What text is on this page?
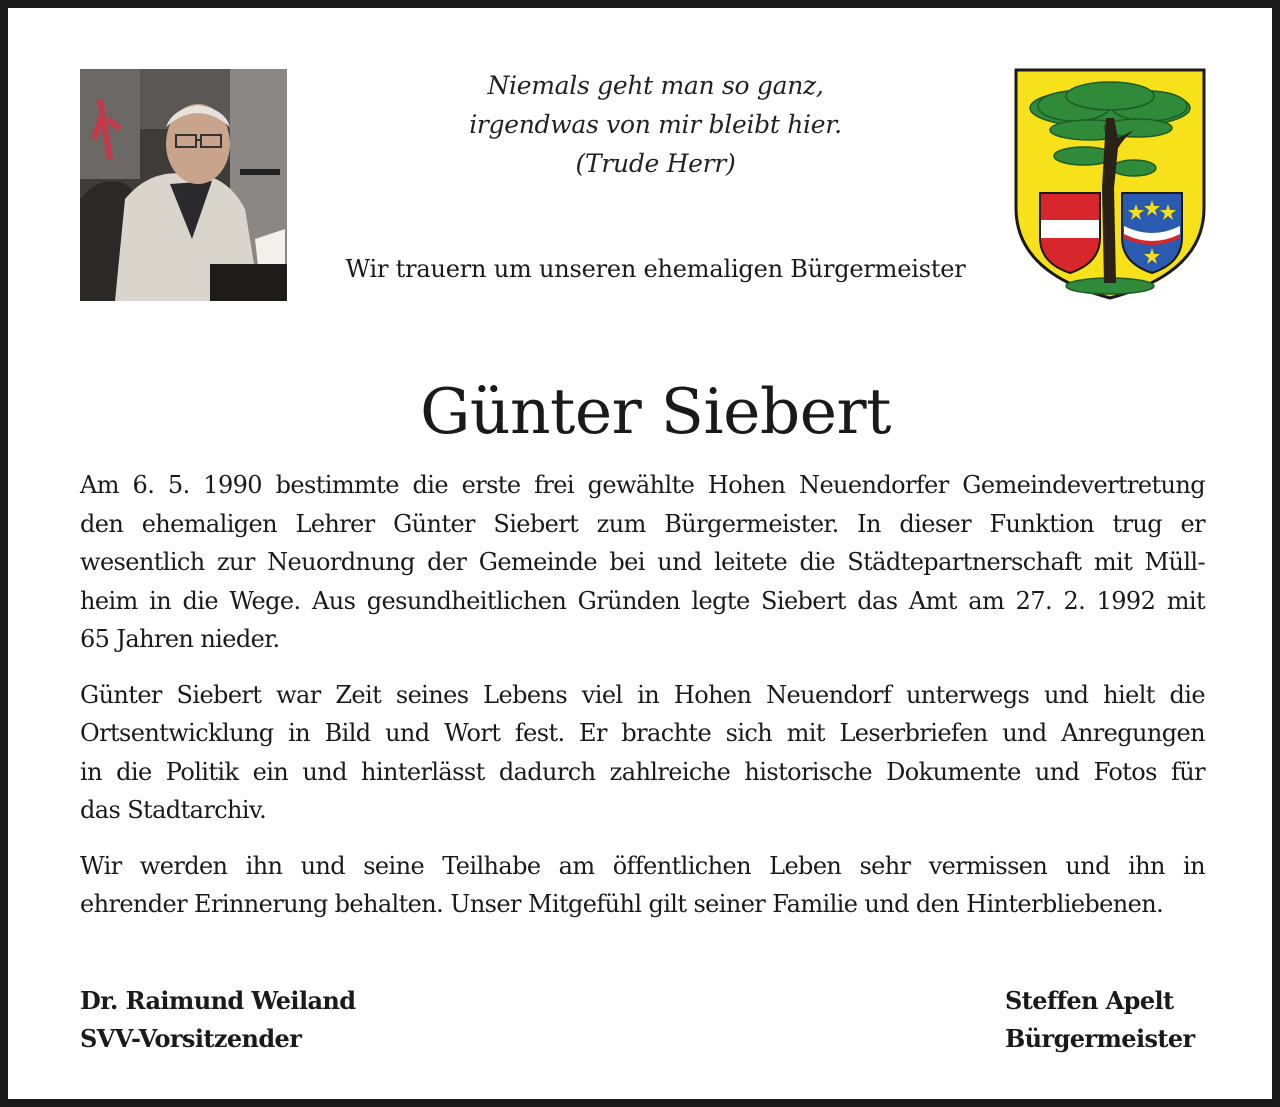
Niemals geht man so ganz,
irgendwas von mir bleibt hier.
(Trude Herr)
Wir trauern um unseren ehemaligen Bürgermeister
Günter Siebert

Am 6. 5. 1990 bestimmte die erste frei gewählte Hohen Neuendorfer Gemeindevertretung
den ehemaligen Lehrer Günter Siebert zum Bürgermeister. In dieser Funktion trug er
wesentlich zur Neuordnung der Gemeinde bei und leitete die Städtepartnerschaft mit Müll-
heim in die Wege. Aus gesundheitlichen Gründen legte Siebert das Amt am 27. 2. 1992 mit
65 Jahren nieder.

Günter Siebert war Zeit seines Lebens viel in Hohen Neuendorf unterwegs und hielt die
Ortsentwicklung in Bild und Wort fest. Er brachte sich mit Leserbriefen und Anregungen
in die Politik ein und hinterlässt dadurch zahlreiche historische Dokumente und Fotos für
das Stadtarchiv.

Wir werden ihn und seine Teilhabe am öffentlichen Leben sehr vermissen und ihn in
ehrender Erinnerung behalten. Unser Mitgefühl gilt seiner Familie und den Hinterbliebenen.

Dr. Raimund Weiland
SVV-Vorsitzender
Steffen Apelt
Bürgermeister
